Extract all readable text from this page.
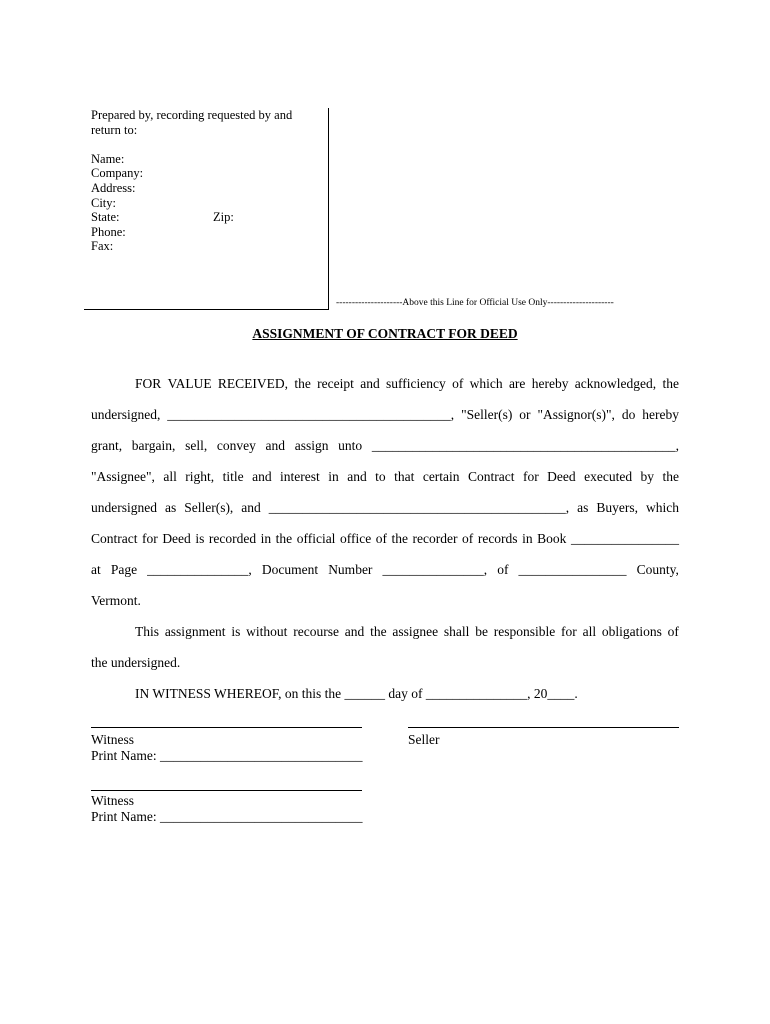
Prepared by, recording requested by and

return to:

Name:

Company:

Address:

City:

State:	Zip:

Phone:

Fax:

---------------------Above this Line for Official Use Only---------------------
ASSIGNMENT OF CONTRACT FOR DEED
FOR VALUE RECEIVED, the receipt and sufficiency of which are hereby acknowledged, the
undersigned, __________________________________________, "Seller(s) or "Assignor(s)", do hereby
grant, bargain, sell, convey and assign unto _____________________________________________,
"Assignee", all right, title and interest in and to that certain Contract for Deed executed by the
undersigned as Seller(s), and ____________________________________________, as Buyers, which
Contract for Deed is recorded in the official office of the recorder of records in Book ________________
at Page _______________, Document Number _______________, of ________________ County,
Vermont.
This assignment is without recourse and the assignee shall be responsible for all obligations of
the undersigned.
IN WITNESS WHEREOF, on this the ______ day of _______________, 20____.
Witness	Seller
Print Name: ______________________________
Witness
Print Name: ______________________________
